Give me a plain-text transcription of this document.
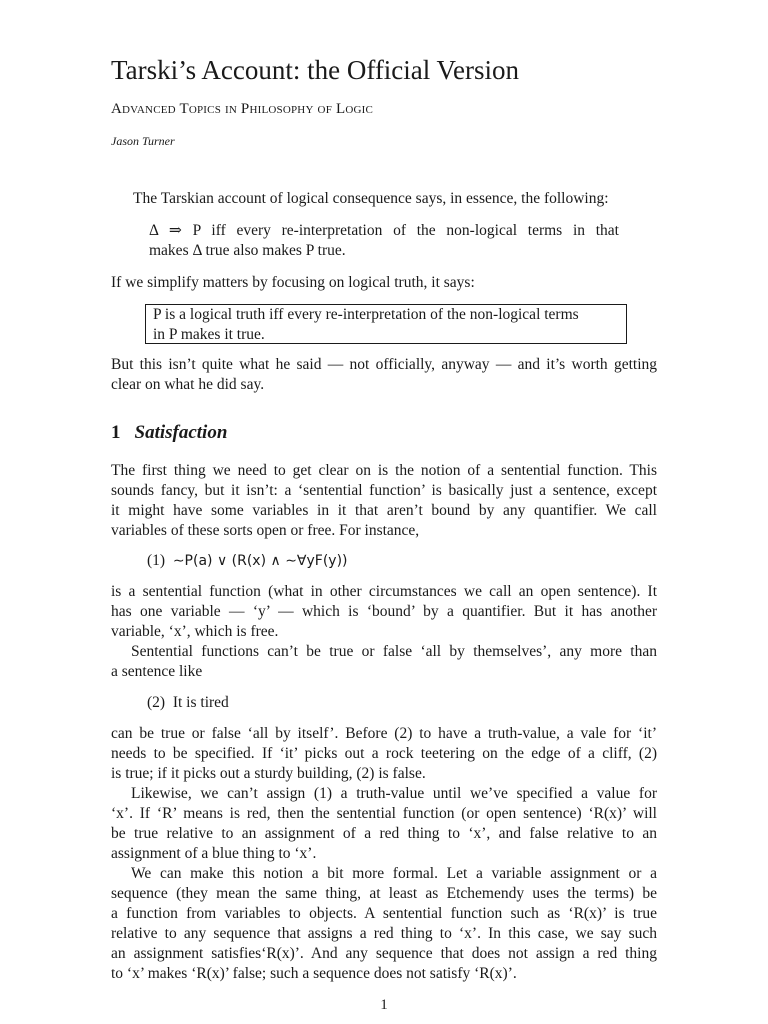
Tarski’s Account: the Official Version
Advanced Topics in Philosophy of Logic
Jason Turner
The Tarskian account of logical consequence says, in essence, the following:
Δ ⇒ P iff every re-interpretation of the non-logical terms in that
makes Δ true also makes P true.
If we simplify matters by focusing on logical truth, it says:
P is a logical truth iff every re-interpretation of the non-logical terms
in P makes it true.
But this isn’t quite what he said — not officially, anyway — and it’s worth getting
clear on what he did say.
1 Satisfaction
The first thing we need to get clear on is the notion of a sentential function. This
sounds fancy, but it isn’t: a ‘sentential function’ is basically just a sentence, except
it might have some variables in it that aren’t bound by any quantifier. We call
variables of these sorts open or free. For instance,
(1) ∼P(a) ∨ (R(x) ∧ ∼∀yF(y))
is a sentential function (what in other circumstances we call an open sentence). It
has one variable — ‘y’ — which is ‘bound’ by a quantifier. But it has another
variable, ‘x’, which is free.
Sentential functions can’t be true or false ‘all by themselves’, any more than
a sentence like
(2) It is tired
can be true or false ‘all by itself’. Before (2) to have a truth-value, a vale for ‘it’
needs to be specified. If ‘it’ picks out a rock teetering on the edge of a cliff, (2)
is true; if it picks out a sturdy building, (2) is false.
Likewise, we can’t assign (1) a truth-value until we’ve specified a value for
‘x’. If ‘R’ means is red, then the sentential function (or open sentence) ‘R(x)’ will
be true relative to an assignment of a red thing to ‘x’, and false relative to an
assignment of a blue thing to ‘x’.
We can make this notion a bit more formal. Let a variable assignment or a
sequence (they mean the same thing, at least as Etchemendy uses the terms) be
a function from variables to objects. A sentential function such as ‘R(x)’ is true
relative to any sequence that assigns a red thing to ‘x’. In this case, we say such
an assignment satisfies‘R(x)’. And any sequence that does not assign a red thing
to ‘x’ makes ‘R(x)’ false; such a sequence does not satisfy ‘R(x)’.
1
